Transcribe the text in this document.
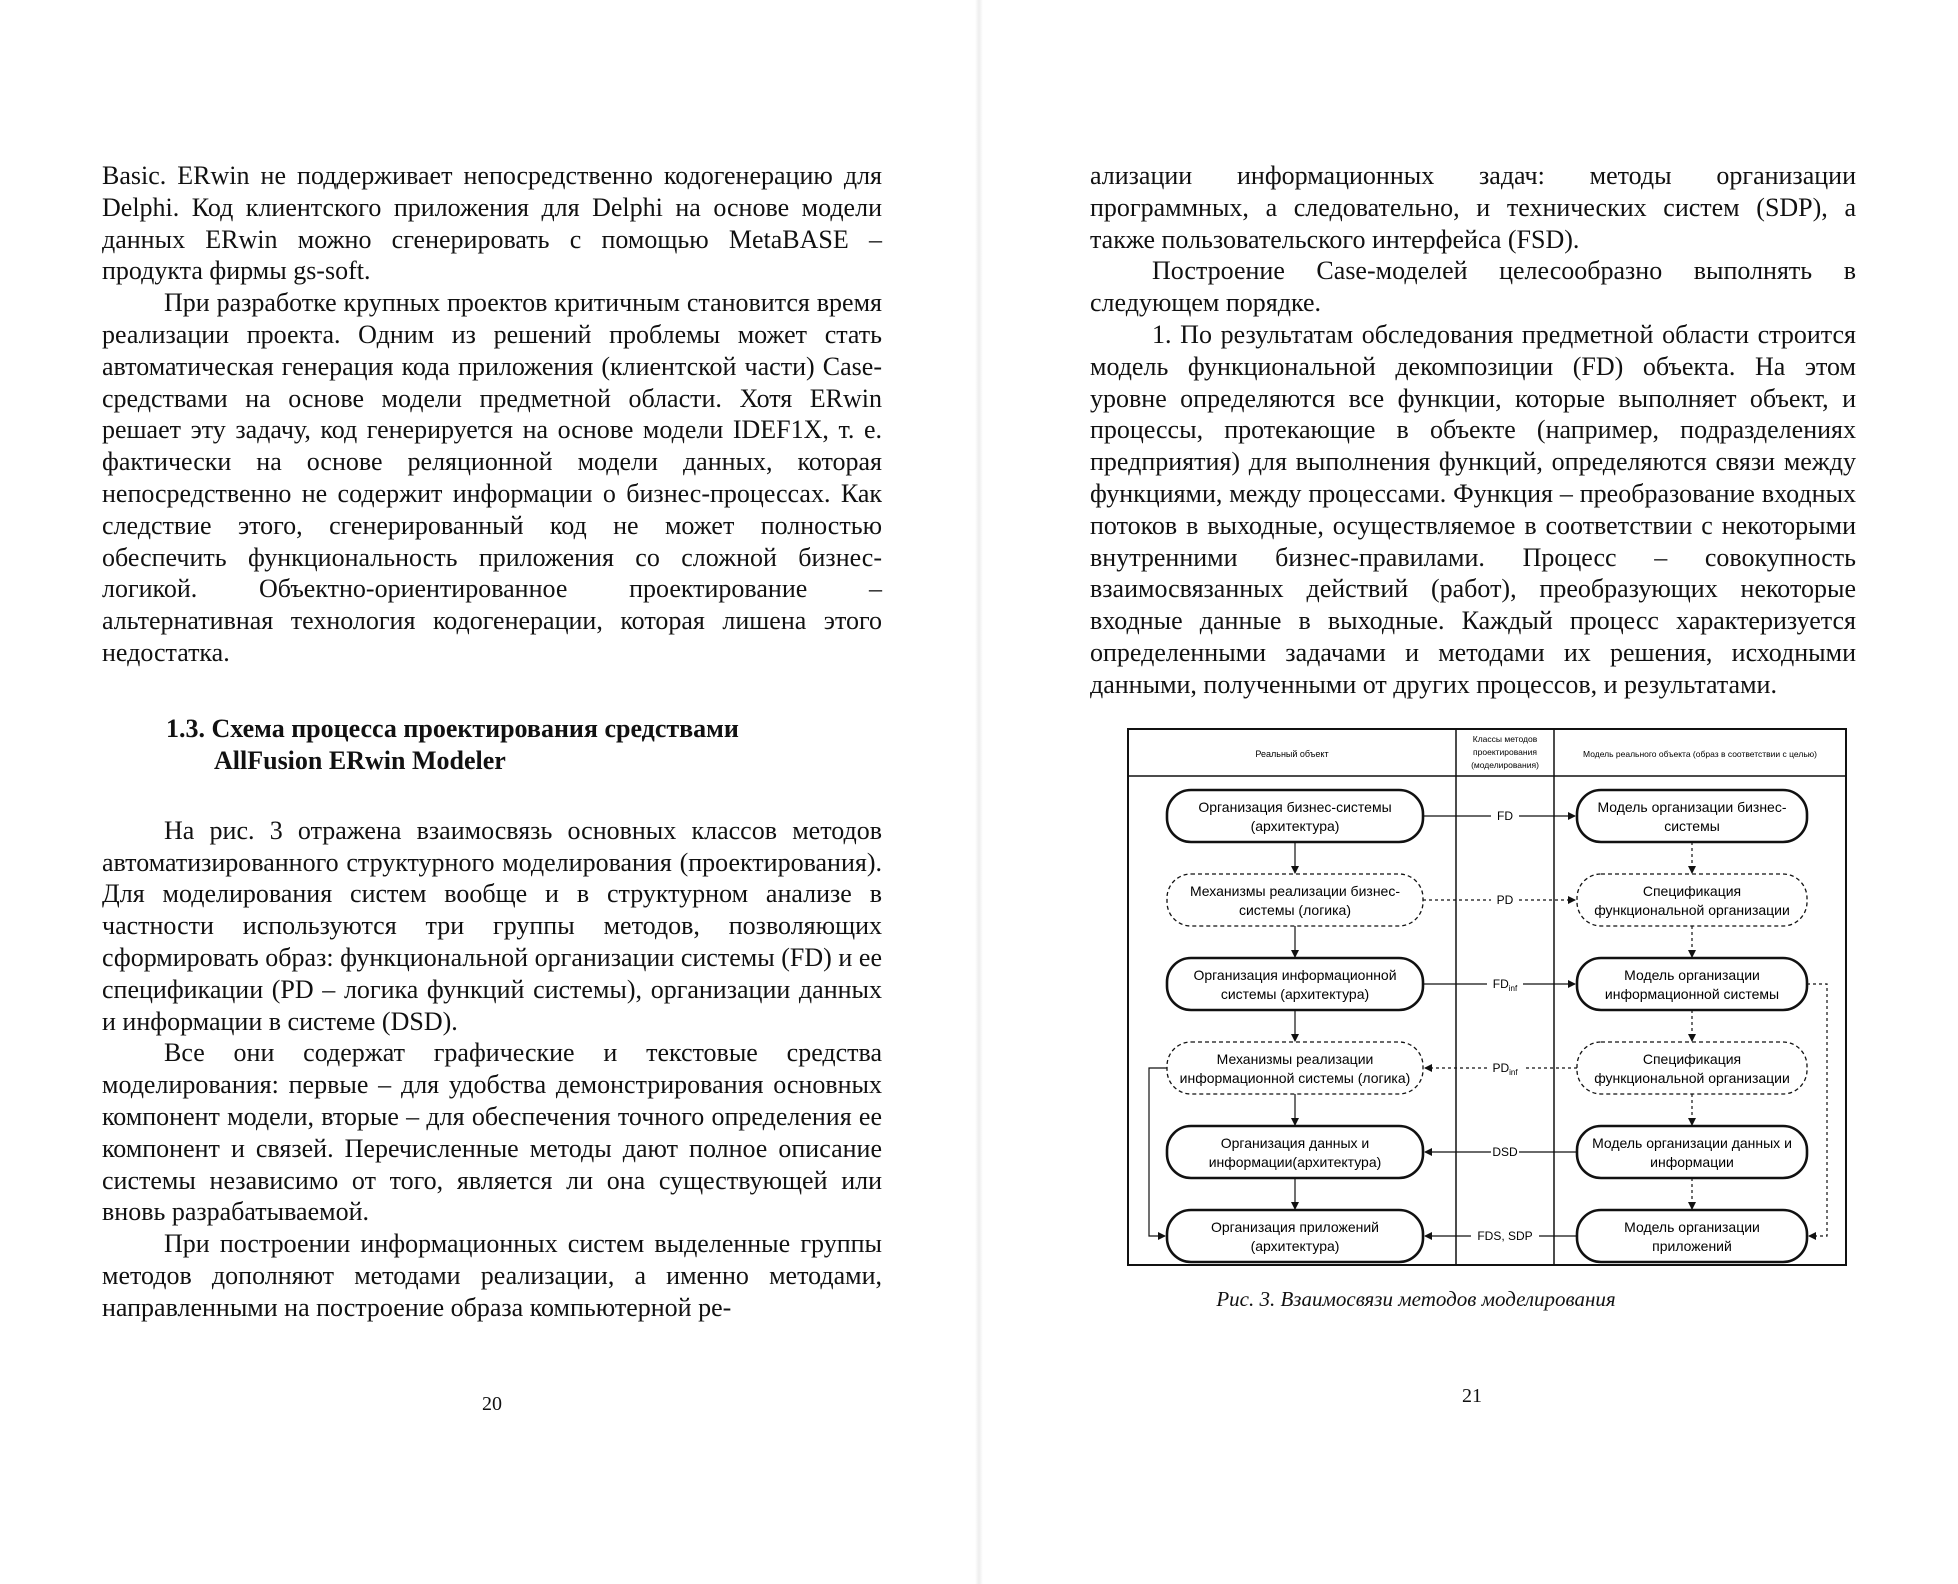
Basic. ERwin не поддерживает непосредственно кодогенерацию для Delphi. Код клиентского приложения для Delphi на основе модели данных ERwin можно сгенерировать с помощью MetaBASE – продукта фирмы gs-soft.

При разработке крупных проектов критичным становится время реализации проекта. Одним из решений проблемы может стать автоматическая генерация кода приложения (клиентской части) Case-средствами на основе модели предметной области. Хотя ERwin решает эту задачу, код генерируется на основе модели IDEF1X, т. е. фактически на основе реляционной модели данных, которая непосредственно не содержит информации о бизнес-процессах. Как следствие этого, сгенерированный код не может полностью обеспечить функциональность приложения со сложной бизнес-логикой. Объектно-ориентированное проектирование – альтернативная технология кодогенерации, которая лишена этого недостатка.

1.3. Схема процесса проектирования средствами
AllFusion ERwin Modeler

На рис. 3 отражена взаимосвязь основных классов методов автоматизированного структурного моделирования (проектирования). Для моделирования систем вообще и в структурном анализе в частности используются три группы методов, позволяющих сформировать образ: функциональной организации системы (FD) и ее спецификации (PD – логика функций системы), организации данных и информации в системе (DSD).

Все они содержат графические и текстовые средства моделирования: первые – для удобства демонстрирования основных компонент модели, вторые – для обеспечения точного определения ее компонент и связей. Перечисленные методы дают полное описание системы независимо от того, является ли она существующей или вновь разрабатываемой.

При построении информационных систем выделенные группы методов дополняют методами реализации, а именно методами, направленными на построение образа компьютерной ре-

20

ализации информационных задач: методы организации программных, а следовательно, и технических систем (SDP), а также пользовательского интерфейса (FSD).

Построение Case-моделей целесообразно выполнять в следующем порядке.

1. По результатам обследования предметной области строится модель функциональной декомпозиции (FD) объекта. На этом уровне определяются все функции, которые выполняет объект, и процессы, протекающие в объекте (например, подразделениях предприятия) для выполнения функций, определяются связи между функциями, между процессами. Функция – преобразование входных потоков в выходные, осуществляемое в соответствии с некоторыми внутренними бизнес-правилами. Процесс – совокупность взаимосвязанных действий (работ), преобразующих некоторые входные данные в выходные. Каждый процесс характеризуется определенными задачами и методами их решения, исходными данными, полученными от других процессов, и результатами.

Реальный объект
Классы методов
проектирования
(моделирования)
Модель реального объекта (образ в соответствии с целью)
Организация бизнес-системы
(архитектура)
Модель организации бизнес-
системы
FD
Механизмы реализации бизнес-
системы (логика)
Спецификация
функциональной организации
PD
Организация информационной
системы (архитектура)
Модель организации
информационной системы
$FD_{inf}$
Механизмы реализации
информационной системы (логика)
Спецификация
функциональной организации
$PD_{inf}$
Организация данных и
информации(архитектура)
Модель организации данных и
информации
DSD
Организация приложений
(архитектура)
Модель организации
приложений
FDS, SDP
Рис. 3. Взаимосвязи методов моделирования
21
